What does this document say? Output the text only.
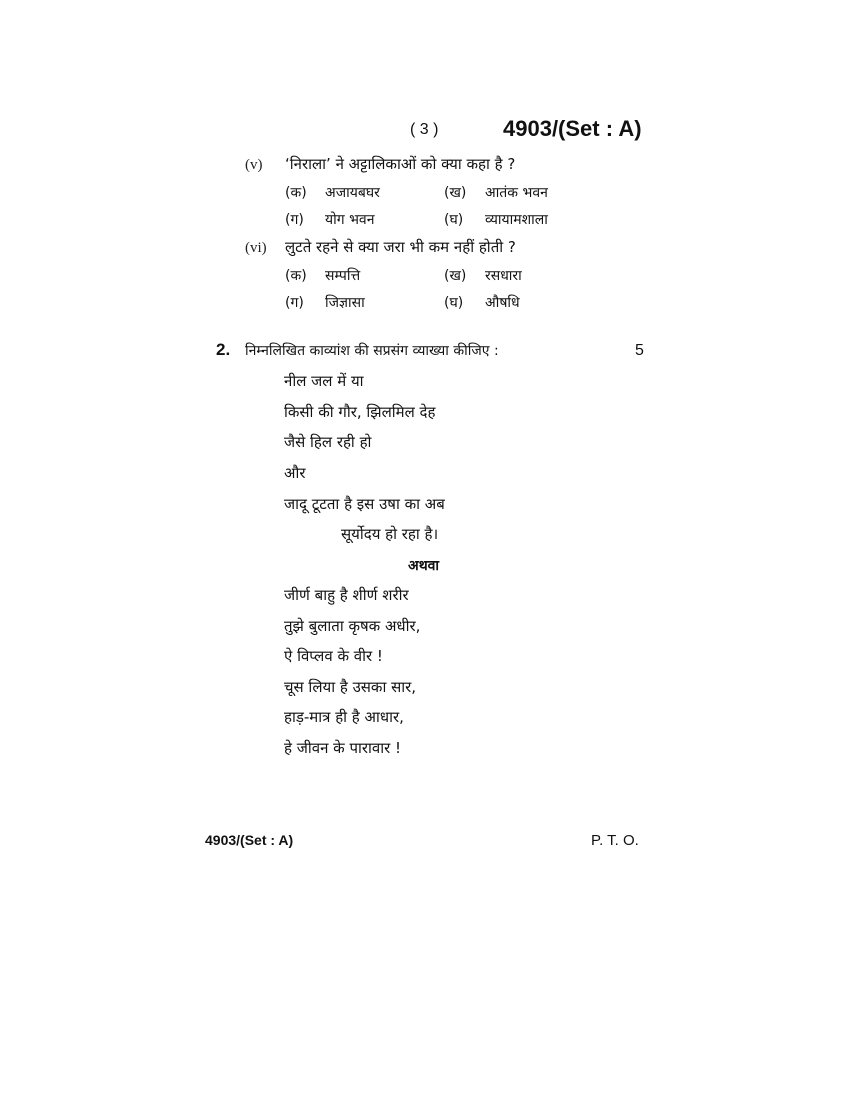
( 3 )	4903/(Set : A)
(v) ‘निराला’ ने अट्टालिकाओं को क्या कहा है ?
(क) अजायबघर	(ख) आतंक भवन
(ग) योग भवन	(घ) व्यायामशाला
(vi) लुटते रहने से क्या जरा भी कम नहीं होती ?
(क) सम्पत्ति	(ख) रसधारा
(ग) जिज्ञासा	(घ) औषधि
2. निम्नलिखित काव्यांश की सप्रसंग व्याख्या कीजिए :	5
नील जल में या
किसी की गौर, झिलमिल देह
जैसे हिल रही हो
और
जादू टूटता है इस उषा का अब
सूर्योदय हो रहा है।
अथवा
जीर्ण बाहु है शीर्ण शरीर
तुझे बुलाता कृषक अधीर,
ऐ विप्लव के वीर !
चूस लिया है उसका सार,
हाड़-मात्र ही है आधार,
हे जीवन के पारावार !
4903/(Set : A)	P. T. O.
